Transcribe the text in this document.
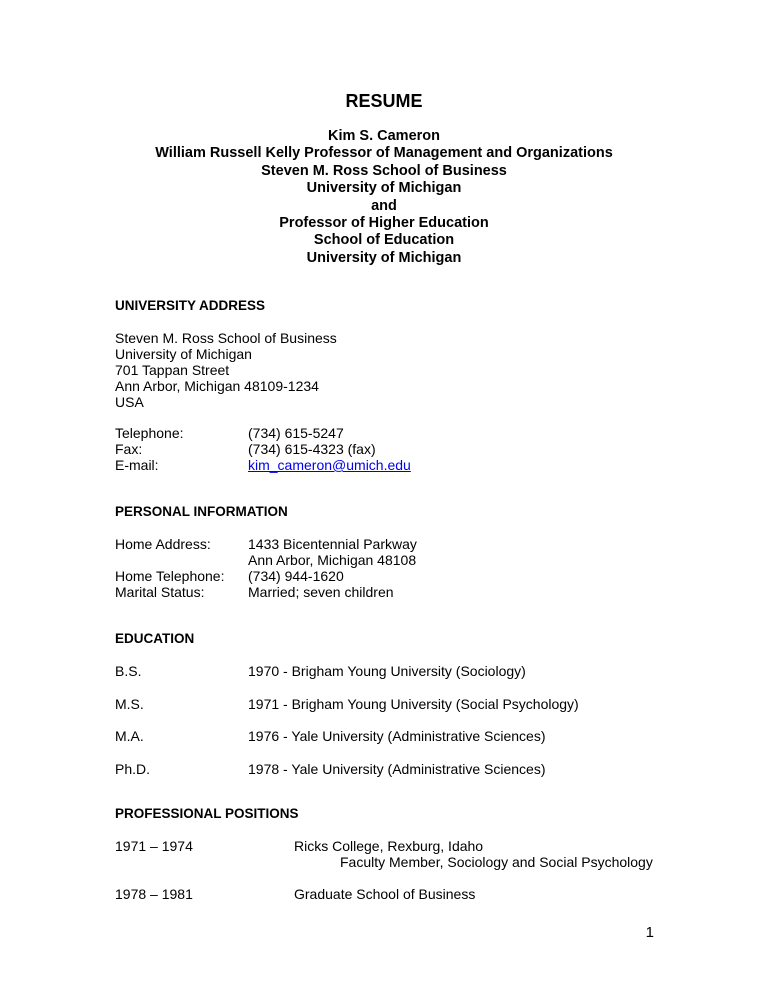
RESUME
Kim S. Cameron
William Russell Kelly Professor of Management and Organizations
Steven M. Ross School of Business
University of Michigan
and
Professor of Higher Education
School of Education
University of Michigan
UNIVERSITY ADDRESS
Steven M. Ross School of Business
University of Michigan
701 Tappan Street
Ann Arbor, Michigan 48109-1234
USA
Telephone:	(734) 615-5247
Fax:	(734) 615-4323 (fax)
E-mail:	kim_cameron@umich.edu
PERSONAL INFORMATION
Home Address:	1433 Bicentennial Parkway
Ann Arbor, Michigan 48108
Home Telephone: (734) 944-1620
Marital Status:	Married; seven children
EDUCATION
B.S.	1970 - Brigham Young University (Sociology)
M.S.	1971 - Brigham Young University (Social Psychology)
M.A.	1976 - Yale University (Administrative Sciences)
Ph.D.	1978 - Yale University (Administrative Sciences)
PROFESSIONAL POSITIONS
1971 – 1974	Ricks College, Rexburg, Idaho
Faculty Member, Sociology and Social Psychology
1978 – 1981	Graduate School of Business
1
